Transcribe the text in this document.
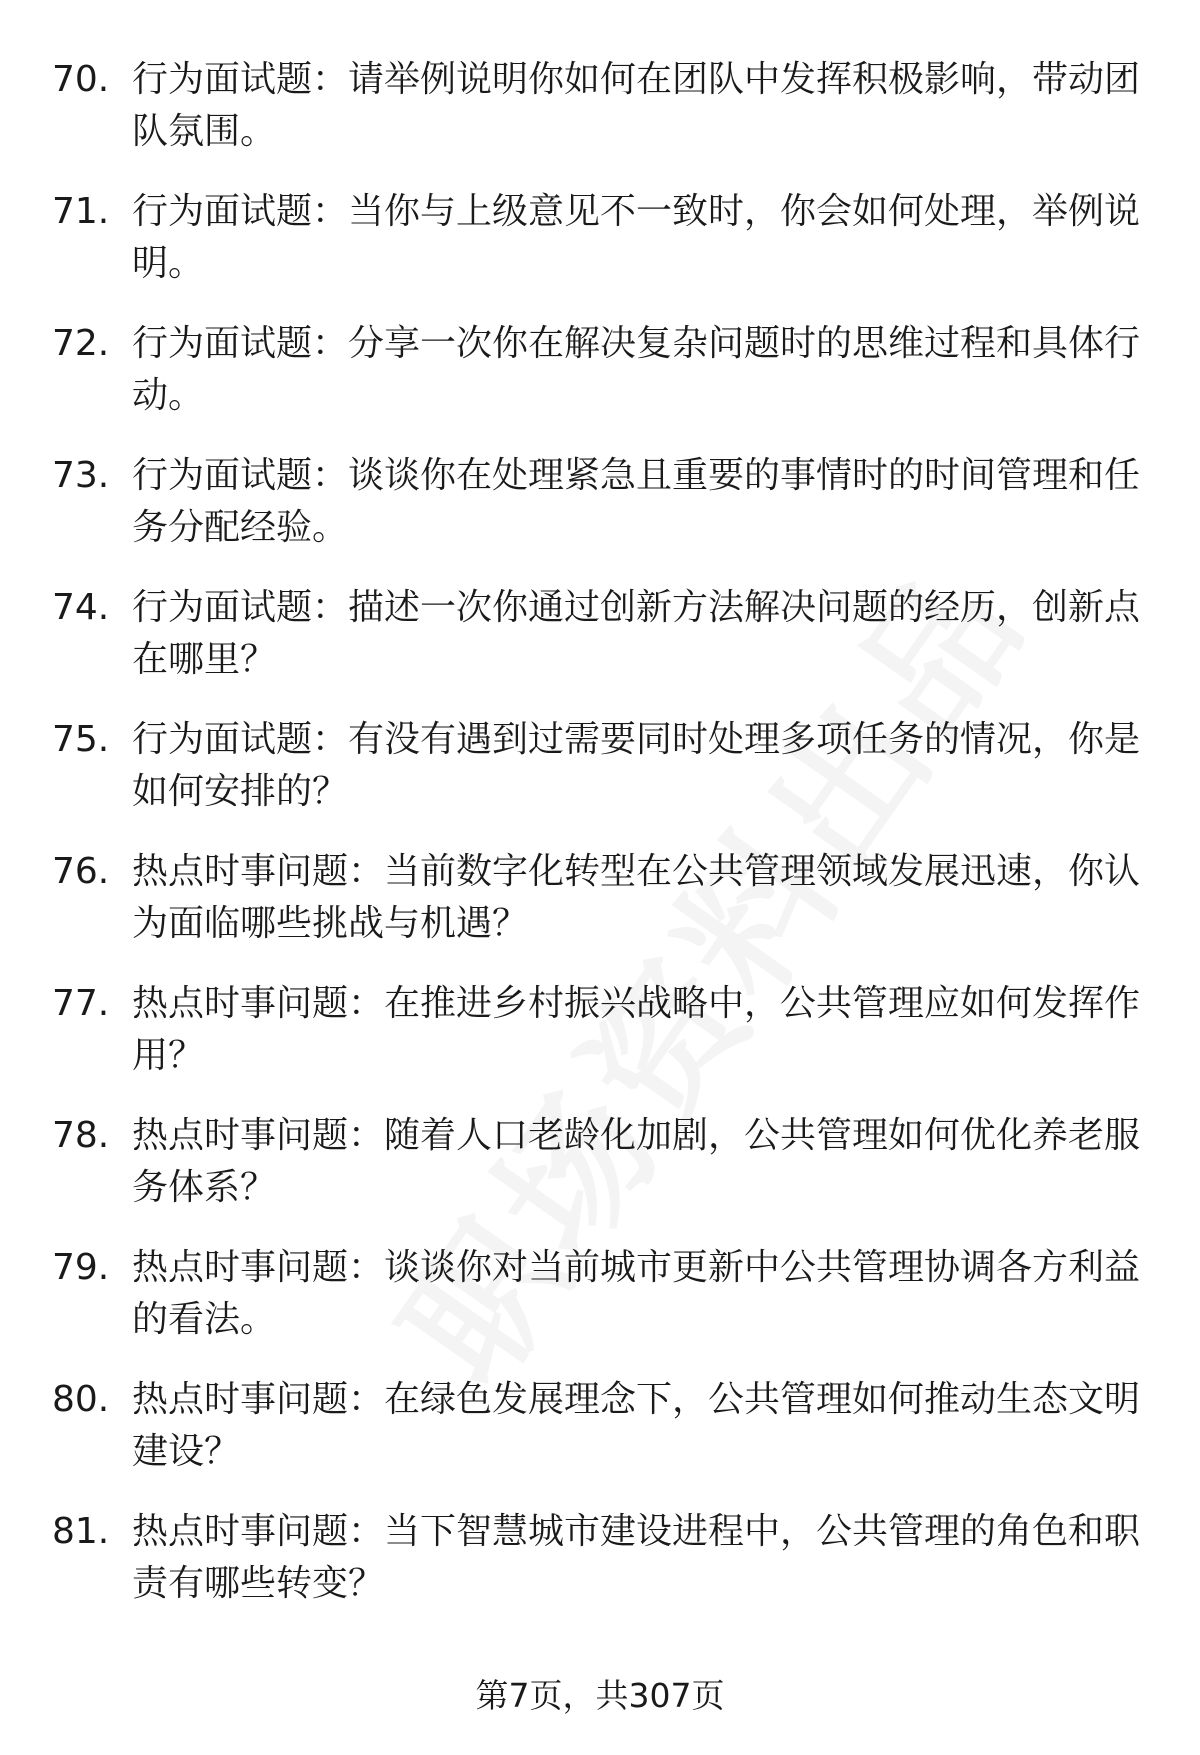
70. 行为面试题：请举例说明你如何在团队中发挥积极影响，带动团队氛围。
71. 行为面试题：当你与上级意见不一致时，你会如何处理，举例说明。
72. 行为面试题：分享一次你在解决复杂问题时的思维过程和具体行动。
73. 行为面试题：谈谈你在处理紧急且重要的事情时的时间管理和任务分配经验。
74. 行为面试题：描述一次你通过创新方法解决问题的经历，创新点在哪里？
75. 行为面试题：有没有遇到过需要同时处理多项任务的情况，你是如何安排的？
76. 热点时事问题：当前数字化转型在公共管理领域发展迅速，你认为面临哪些挑战与机遇？
77. 热点时事问题：在推进乡村振兴战略中，公共管理应如何发挥作用？
78. 热点时事问题：随着人口老龄化加剧，公共管理如何优化养老服务体系？
79. 热点时事问题：谈谈你对当前城市更新中公共管理协调各方利益的看法。
80. 热点时事问题：在绿色发展理念下，公共管理如何推动生态文明建设？
81. 热点时事问题：当下智慧城市建设进程中，公共管理的角色和职责有哪些转变？
第7页，共307页
